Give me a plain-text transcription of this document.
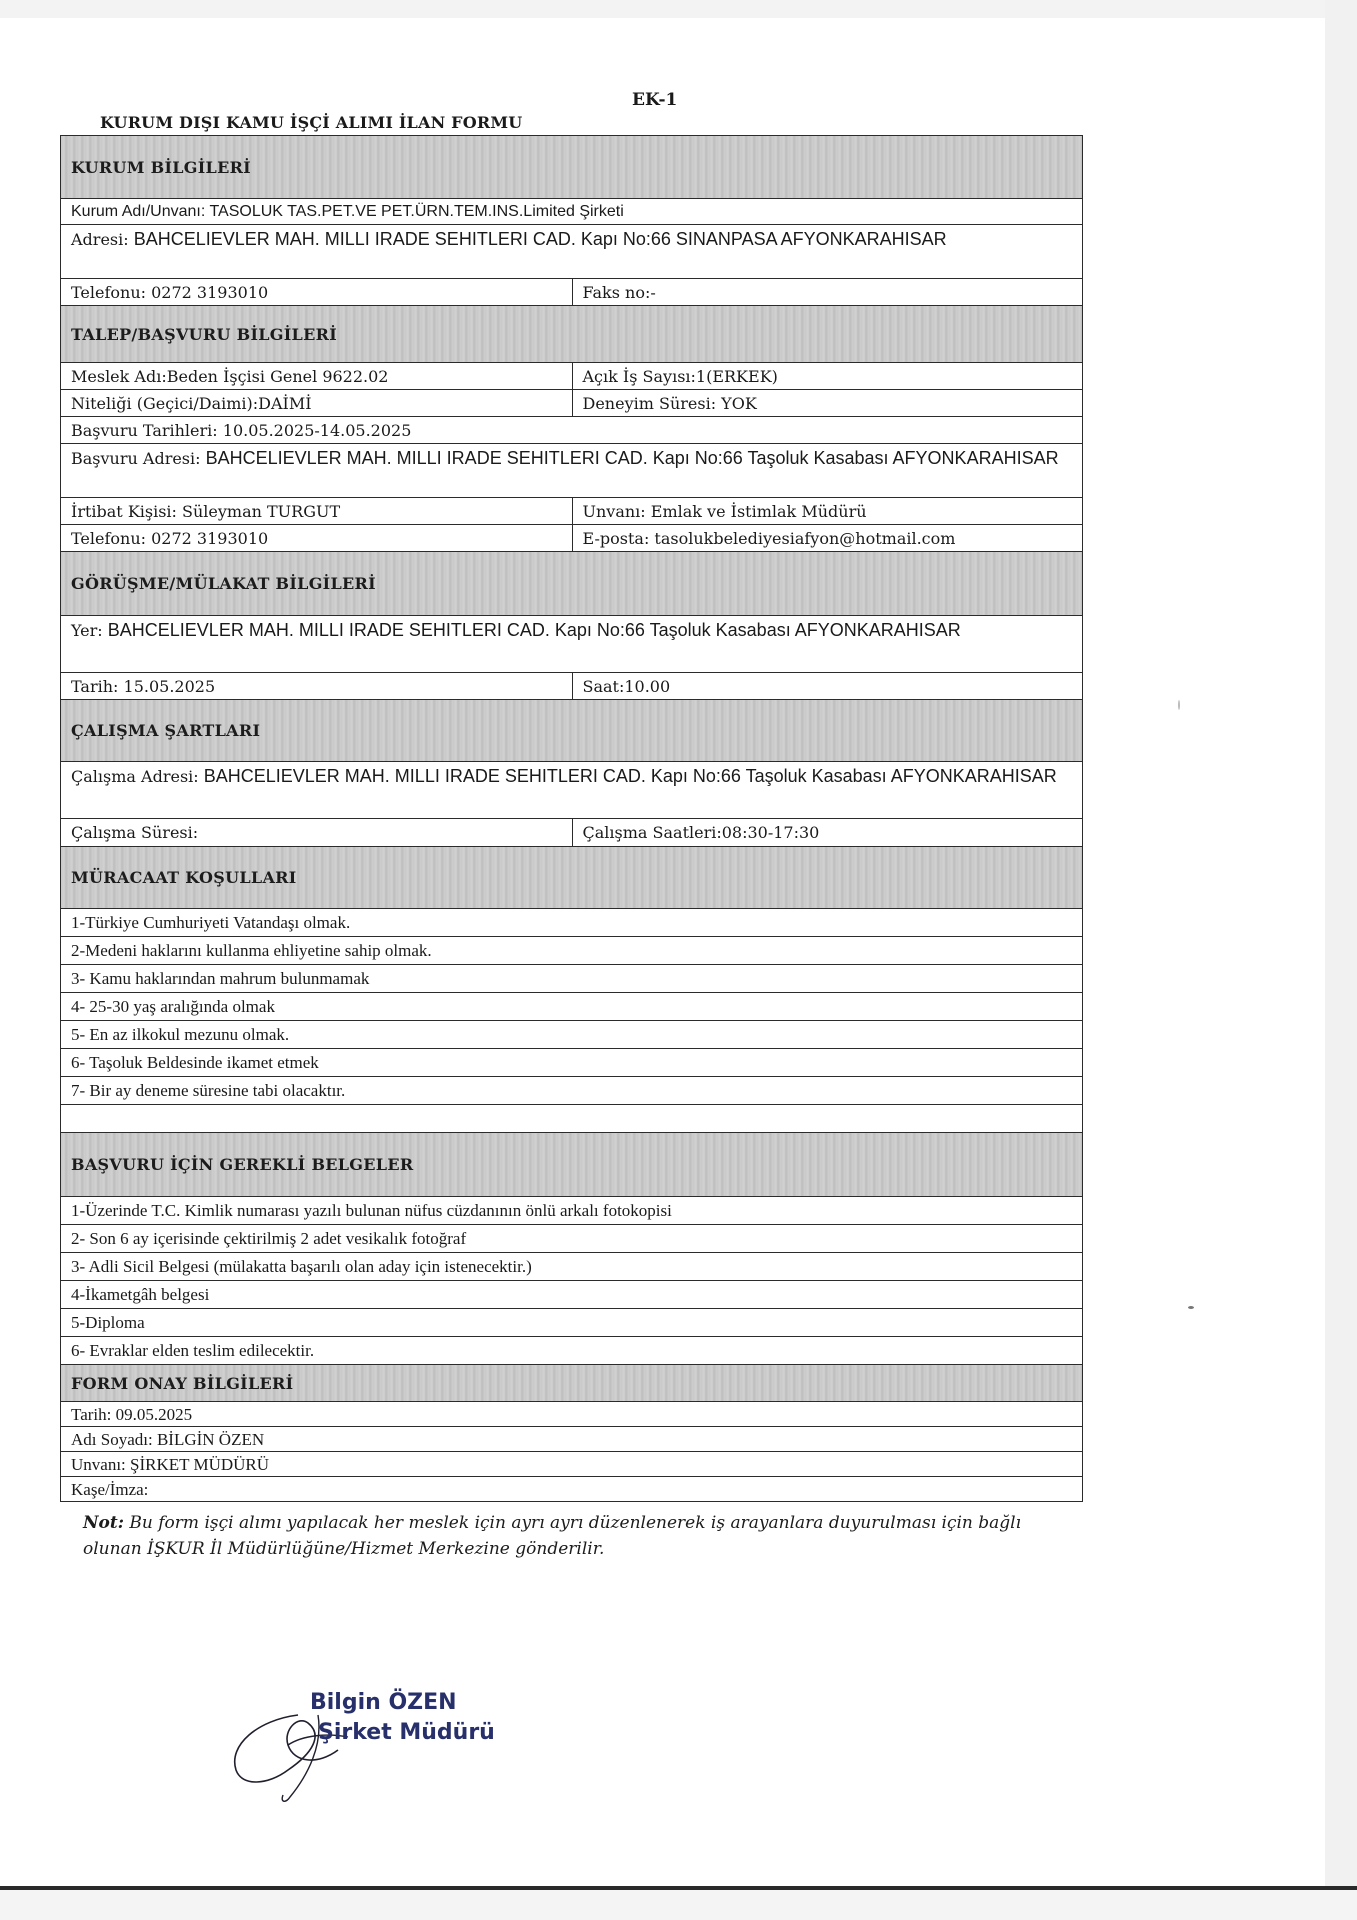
EK-1
KURUM DIŞI KAMU İŞÇİ ALIMI İLAN FORMU
KURUM BİLGİLERİ
Kurum Adı/Unvanı: TASOLUK TAS.PET.VE PET.ÜRN.TEM.INS.Limited Şirketi
Adresi: BAHCELIEVLER MAH. MILLI IRADE SEHITLERI CAD. Kapı No:66 SINANPASA AFYONKARAHISAR
Telefonu: 0272 3193010	Faks no:-
TALEP/BAŞVURU BİLGİLERİ
Meslek Adı:Beden İşçisi Genel 9622.02	Açık İş Sayısı:1(ERKEK)
Niteliği (Geçici/Daimi):DAİMİ	Deneyim Süresi: YOK
Başvuru Tarihleri: 10.05.2025-14.05.2025
Başvuru Adresi: BAHCELIEVLER MAH. MILLI IRADE SEHITLERI CAD. Kapı No:66 Taşoluk Kasabası AFYONKARAHISAR
İrtibat Kişisi: Süleyman TURGUT	Unvanı: Emlak ve İstimlak Müdürü
Telefonu: 0272 3193010	E-posta: tasolukbelediyesiafyon@hotmail.com
GÖRÜŞME/MÜLAKAT BİLGİLERİ
Yer: BAHCELIEVLER MAH. MILLI IRADE SEHITLERI CAD. Kapı No:66 Taşoluk Kasabası AFYONKARAHISAR
Tarih: 15.05.2025	Saat:10.00
ÇALIŞMA ŞARTLARI
Çalışma Adresi: BAHCELIEVLER MAH. MILLI IRADE SEHITLERI CAD. Kapı No:66 Taşoluk Kasabası AFYONKARAHISAR
Çalışma Süresi:	Çalışma Saatleri:08:30-17:30
MÜRACAAT KOŞULLARI
1-Türkiye Cumhuriyeti Vatandaşı olmak.
2-Medeni haklarını kullanma ehliyetine sahip olmak.
3- Kamu haklarından mahrum bulunmamak
4- 25-30 yaş aralığında olmak
5- En az ilkokul mezunu olmak.
6- Taşoluk Beldesinde ikamet etmek
7- Bir ay deneme süresine tabi olacaktır.
BAŞVURU İÇİN GEREKLİ BELGELER
1-Üzerinde T.C. Kimlik numarası yazılı bulunan nüfus cüzdanının önlü arkalı fotokopisi
2- Son 6 ay içerisinde çektirilmiş 2 adet vesikalık fotoğraf
3- Adli Sicil Belgesi (mülakatta başarılı olan aday için istenecektir.)
4-İkametgâh belgesi
5-Diploma
6- Evraklar elden teslim edilecektir.
FORM ONAY BİLGİLERİ
Tarih: 09.05.2025
Adı Soyadı: BİLGİN ÖZEN
Unvanı: ŞİRKET MÜDÜRÜ
Kaşe/İmza:
Not: Bu form işçi alımı yapılacak her meslek için ayrı ayrı düzenlenerek iş arayanlara duyurulması için bağlı olunan İŞKUR İl Müdürlüğüne/Hizmet Merkezine gönderilir.
Bilgin ÖZEN
Şirket Müdürü
